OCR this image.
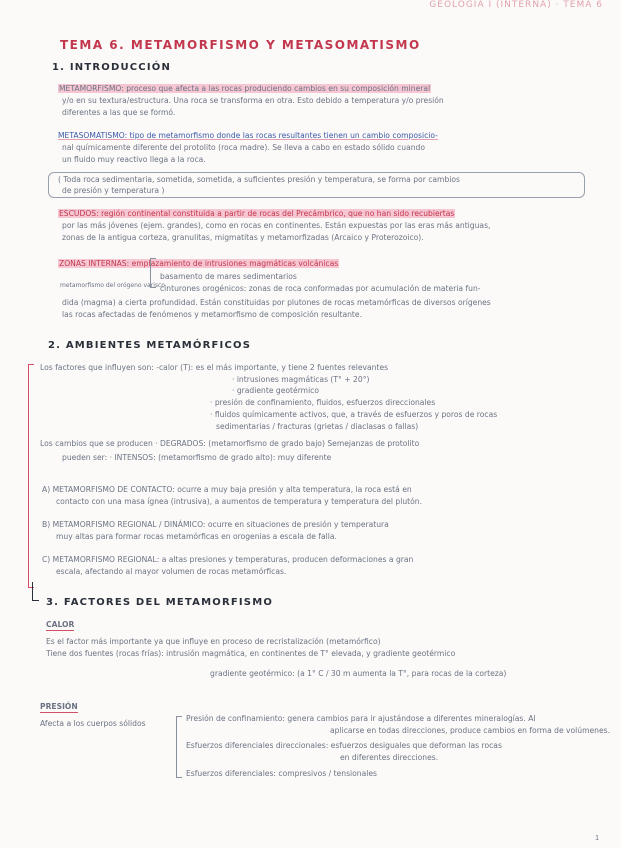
GEOLOGÍA I (INTERNA) · TEMA 6
TEMA 6. METAMORFISMO Y METASOMATISMO
1. INTRODUCCIÓN
METAMORFISMO: proceso que afecta a las rocas produciendo cambios en su composición mineral
y/o en su textura/estructura. Una roca se transforma en otra. Esto debido a temperatura y/o presión
diferentes a las que se formó.
METASOMATISMO: tipo de metamorfismo donde las rocas resultantes tienen un cambio composicio-
nal químicamente diferente del protolito (roca madre). Se lleva a cabo en estado sólido cuando
un fluido muy reactivo llega a la roca.
( Toda roca sedimentaria, sometida, sometida, a suficientes presión y temperatura, se forma por cambios
de presión y temperatura )
ESCUDOS: región continental constituida a partir de rocas del Precámbrico, que no han sido recubiertas
por las más jóvenes (ejem. grandes), como en rocas en continentes. Están expuestas por las eras más antiguas,
zonas de la antigua corteza, granulitas, migmatitas y metamorfizadas (Arcaico y Proterozoico).
ZONAS INTERNAS: emplazamiento de intrusiones magmáticas volcánicas
basamento de mares sedimentarios
cinturones orogénicos: zonas de roca conformadas por acumulación de materia fun-
metamorfismo del orógeno varisco
dida (magma) a cierta profundidad. Están constituidas por plutones de rocas metamórficas de diversos orígenes
las rocas afectadas de fenómenos y metamorfismo de composición resultante.
2. AMBIENTES METAMÓRFICOS
Los factores que influyen son: -calor (T): es el más importante, y tiene 2 fuentes relevantes
· intrusiones magmáticas (T° + 20°)
· gradiente geotérmico
· presión de confinamiento, fluidos, esfuerzos direccionales
· fluidos químicamente activos, que, a través de esfuerzos y poros de rocas
sedimentarias / fracturas (grietas / diaclasas o fallas)
Los cambios que se producen · DEGRADOS: (metamorfismo de grado bajo) Semejanzas de protolito
pueden ser: · INTENSOS: (metamorfismo de grado alto): muy diferente
A) METAMORFISMO DE CONTACTO: ocurre a muy baja presión y alta temperatura, la roca está en
contacto con una masa ígnea (intrusiva), a aumentos de temperatura y temperatura del plutón.
B) METAMORFISMO REGIONAL / DINÁMICO: ocurre en situaciones de presión y temperatura
muy altas para formar rocas metamórficas en orogenias a escala de falla.
C) METAMORFISMO REGIONAL: a altas presiones y temperaturas, producen deformaciones a gran
escala, afectando al mayor volumen de rocas metamórficas.
3. FACTORES DEL METAMORFISMO
CALOR
Es el factor más importante ya que influye en proceso de recristalización (metamórfico)
Tiene dos fuentes (rocas frías): intrusión magmática, en continentes de T° elevada, y gradiente geotérmico
gradiente geotérmico: (a 1° C / 30 m aumenta la T°, para rocas de la corteza)
PRESIÓN
Afecta a los cuerpos sólidos
Presión de confinamiento: genera cambios para ir ajustándose a diferentes mineralogías. Al
aplicarse en todas direcciones, produce cambios en forma de volúmenes.
Esfuerzos diferenciales direccionales: esfuerzos desiguales que deforman las rocas
en diferentes direcciones.
Esfuerzos diferenciales: compresivos / tensionales
1
